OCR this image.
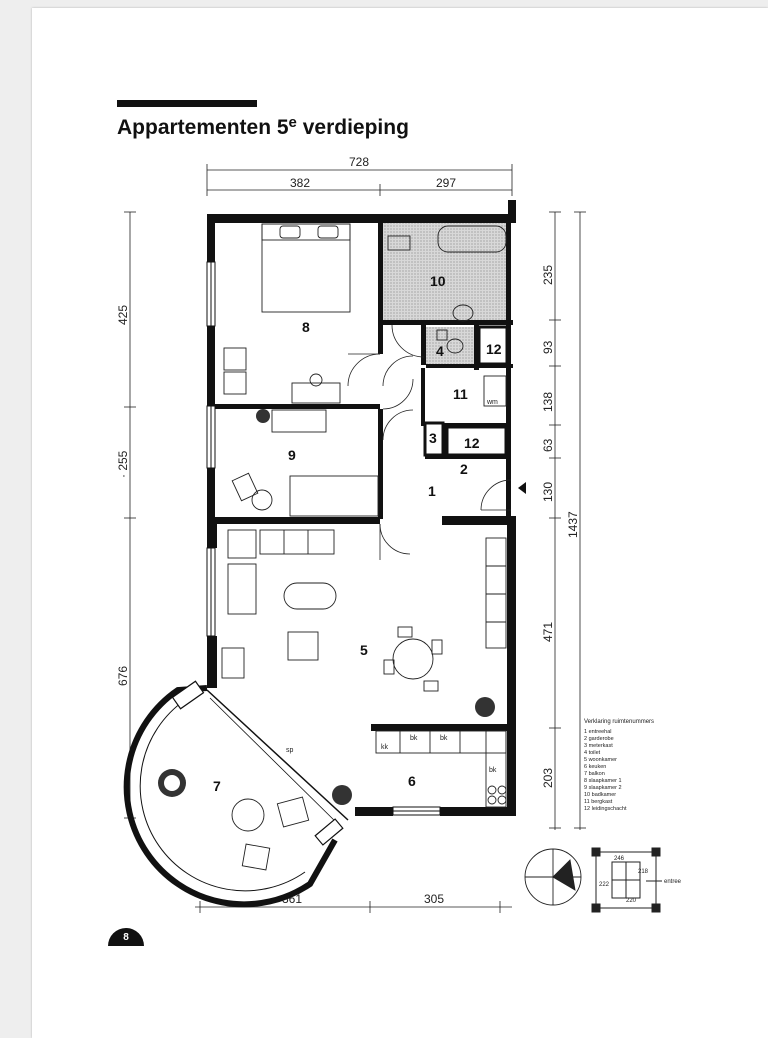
Appartementen 5e verdieping
728
382	297
425
· 255
676
235
93
138
63
130
471
203
1437
361	305
kk
bk	bk
bk
wm
sp
1
2
3
4
5
6
7
8
9
10
11
12
12
246
218
222
220
entree
Verklaring ruimtenummers
1 entreehal
2 garderobe
3 meterkast
4 toilet
5 woonkamer
6 keuken
7 balkon
8 slaapkamer 1
9 slaapkamer 2
10 badkamer
11 bergkast
12 leidingschacht
8
